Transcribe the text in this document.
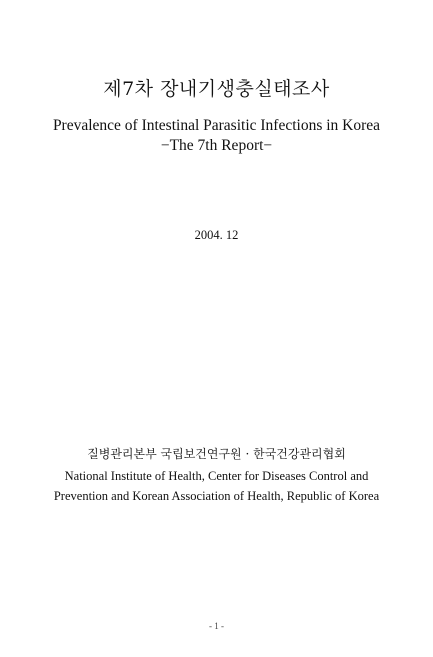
제7차 장내기생충실태조사
Prevalence of Intestinal Parasitic Infections in Korea
−The 7th Report−
2004. 12
질병관리본부 국립보건연구원 · 한국건강관리협회
National Institute of Health, Center for Diseases Control and
Prevention and Korean Association of Health, Republic of Korea
- 1 -
